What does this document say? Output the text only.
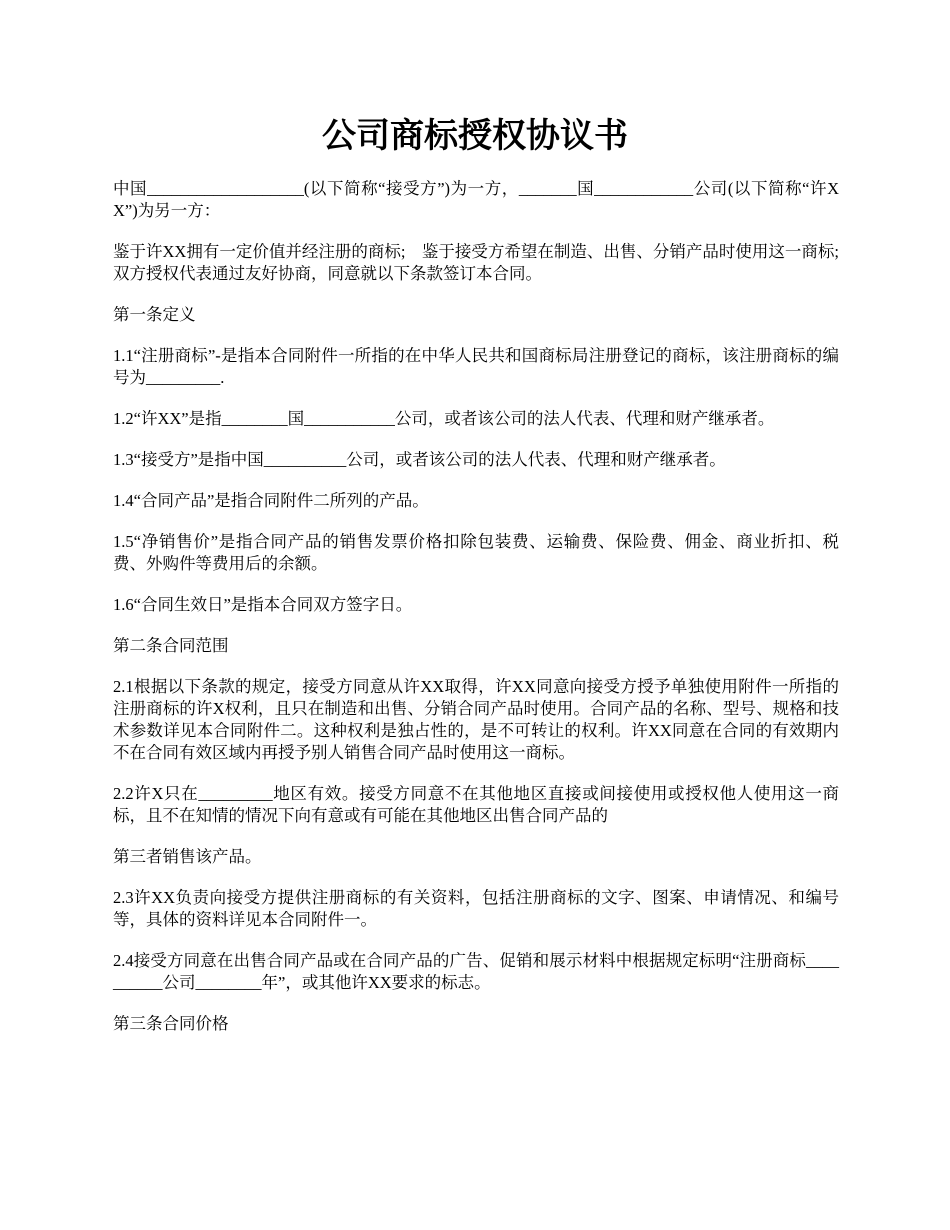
公司商标授权协议书

中国___________________(以下简称“接受方”)为一方，_______国____________公司(以下简称“许XX”)为另一方：

鉴于许XX拥有一定价值并经注册的商标;　鉴于接受方希望在制造、出售、分销产品时使用这一商标;双方授权代表通过友好协商，同意就以下条款签订本合同。

第一条定义

1.1“注册商标”-是指本合同附件一所指的在中华人民共和国商标局注册登记的商标，该注册商标的编号为_________.

1.2“许XX”是指________国___________公司，或者该公司的法人代表、代理和财产继承者。

1.3“接受方”是指中国__________公司，或者该公司的法人代表、代理和财产继承者。

1.4“合同产品”是指合同附件二所列的产品。

1.5“净销售价”是指合同产品的销售发票价格扣除包装费、运输费、保险费、佣金、商业折扣、税费、外购件等费用后的余额。

1.6“合同生效日”是指本合同双方签字日。

第二条合同范围

2.1根据以下条款的规定，接受方同意从许XX取得，许XX同意向接受方授予单独使用附件一所指的注册商标的许X权利，且只在制造和出售、分销合同产品时使用。合同产品的名称、型号、规格和技术参数详见本合同附件二。这种权利是独占性的，是不可转让的权利。许XX同意在合同的有效期内不在合同有效区域内再授予别人销售合同产品时使用这一商标。

2.2许X只在_________地区有效。接受方同意不在其他地区直接或间接使用或授权他人使用这一商标，且不在知情的情况下向有意或有可能在其他地区出售合同产品的

第三者销售该产品。

2.3许XX负责向接受方提供注册商标的有关资料，包括注册商标的文字、图案、申请情况、和编号等，具体的资料详见本合同附件一。

2.4接受方同意在出售合同产品或在合同产品的广告、促销和展示材料中根据规定标明“注册商标__________公司________年”，或其他许XX要求的标志。

第三条合同价格
